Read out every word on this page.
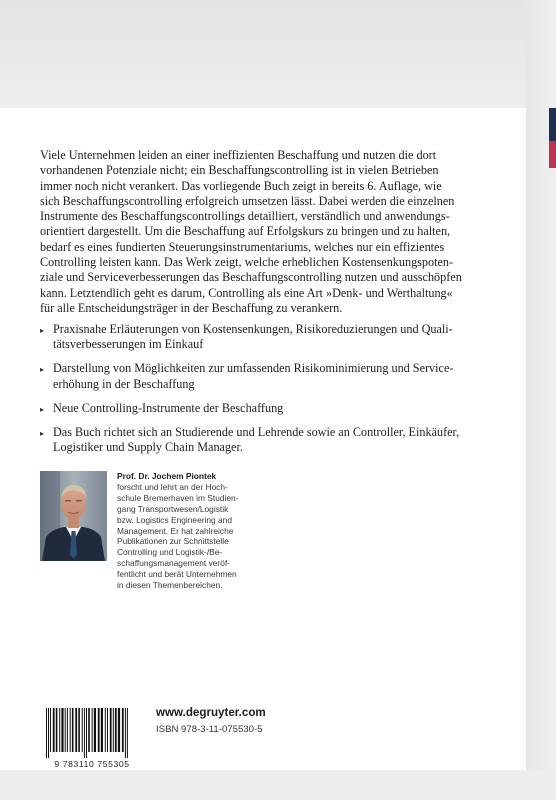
Viele Unternehmen leiden an einer ineffizienten Beschaffung und nutzen die dort
vorhandenen Potenziale nicht; ein Beschaffungscontrolling ist in vielen Betrieben
immer noch nicht verankert. Das vorliegende Buch zeigt in bereits 6. Auflage, wie
sich Beschaffungscontrolling erfolgreich umsetzen lässt. Dabei werden die einzelnen
Instrumente des Beschaffungscontrollings detailliert, verständlich und anwendungs-
orientiert dargestellt. Um die Beschaffung auf Erfolgskurs zu bringen und zu halten,
bedarf es eines fundierten Steuerungsinstrumentariums, welches nur ein effizientes
Controlling leisten kann. Das Werk zeigt, welche erheblichen Kostensenkungspoten-
ziale und Serviceverbesserungen das Beschaffungscontrolling nutzen und ausschöpfen
kann. Letztendlich geht es darum, Controlling als eine Art »Denk- und Werthaltung«
für alle Entscheidungsträger in der Beschaffung zu verankern.

▸ Praxisnahe Erläuterungen von Kostensenkungen, Risikoreduzierungen und Quali-
tätsverbesserungen im Einkauf
▸ Darstellung von Möglichkeiten zur umfassenden Risikominimierung und Service-
erhöhung in der Beschaffung
▸ Neue Controlling-Instrumente der Beschaffung
▸ Das Buch richtet sich an Studierende und Lehrende sowie an Controller, Einkäufer,
Logistiker und Supply Chain Manager.
Prof. Dr. Jochem Piontek
forscht und lehrt an der Hoch-
schule Bremerhaven im Studien-
gang Transportwesen/Logistik
bzw. Logistics Engineering and
Management. Er hat zahlreiche
Publikationen zur Schnittstelle
Controlling und Logistik-/Be-
schaffungsmanagement veröf-
fentlicht und berät Unternehmen
in diesen Themenbereichen.
9 783110 755305
www.degruyter.com
ISBN 978-3-11-075530-5
